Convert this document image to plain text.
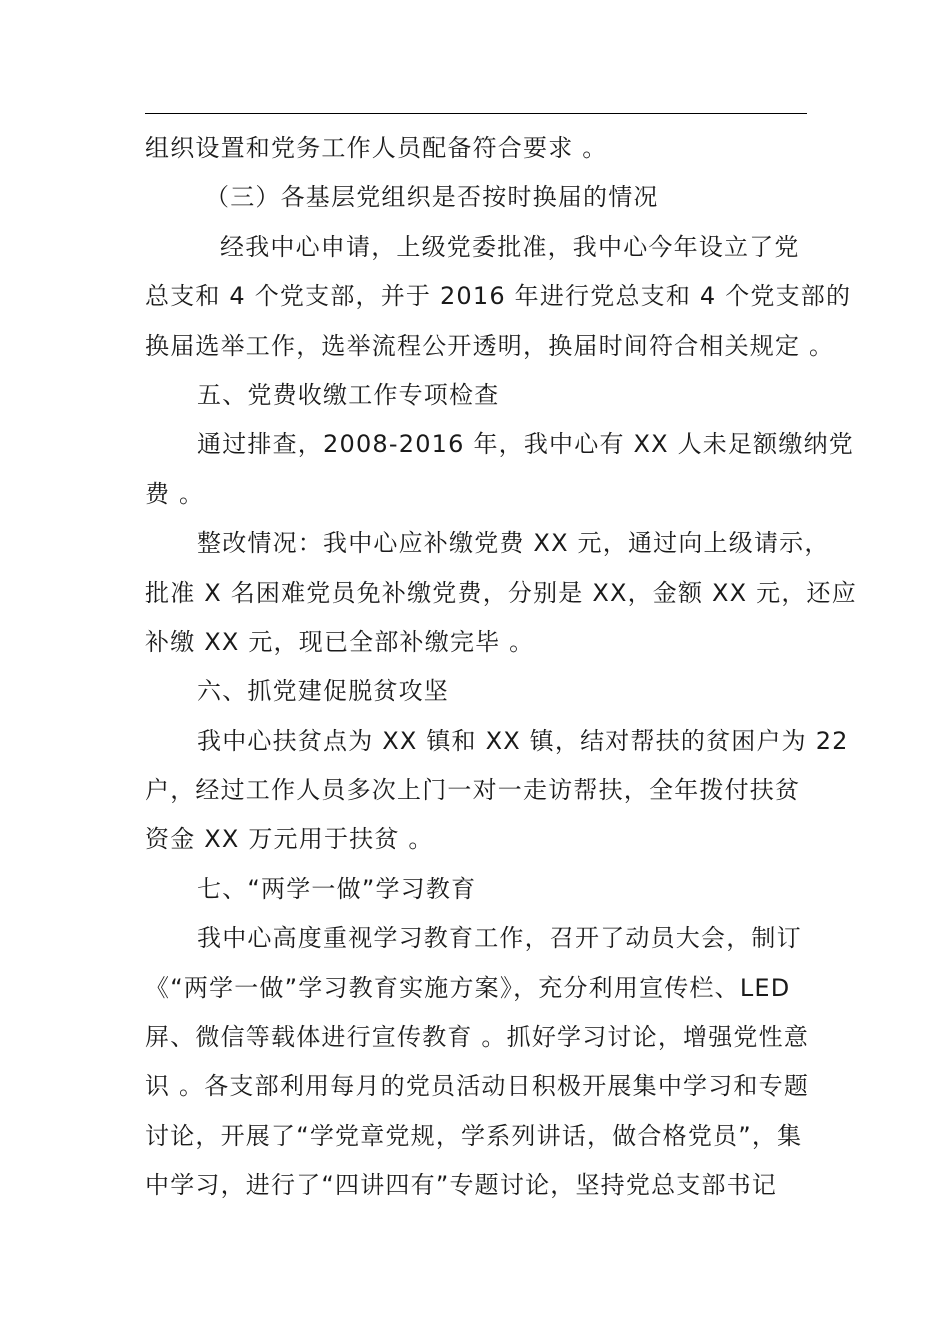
组织设置和党务工作人员配备符合要求 。
（三）各基层党组织是否按时换届的情况
经我中心申请，上级党委批准，我中心今年设立了党
总支和 4 个党支部，并于 2016 年进行党总支和 4 个党支部的
换届选举工作，选举流程公开透明，换届时间符合相关规定 。
五、党费收缴工作专项检查
通过排查，2008-2016 年，我中心有 XX 人未足额缴纳党
费 。
整改情况：我中心应补缴党费 XX 元，通过向上级请示，
批准 X 名困难党员免补缴党费，分别是 XX，金额 XX 元，还应
补缴 XX 元，现已全部补缴完毕 。
六、抓党建促脱贫攻坚
我中心扶贫点为 XX 镇和 XX 镇，结对帮扶的贫困户为 22
户，经过工作人员多次上门一对一走访帮扶，全年拨付扶贫
资金 XX 万元用于扶贫 。
七、“两学一做”学习教育
我中心高度重视学习教育工作，召开了动员大会，制订
《“两学一做”学习教育实施方案》，充分利用宣传栏、LED
屏、微信等载体进行宣传教育 。抓好学习讨论，增强党性意
识 。各支部利用每月的党员活动日积极开展集中学习和专题
讨论，开展了“学党章党规，学系列讲话，做合格党员”，集
中学习，进行了“四讲四有”专题讨论，坚持党总支部书记
